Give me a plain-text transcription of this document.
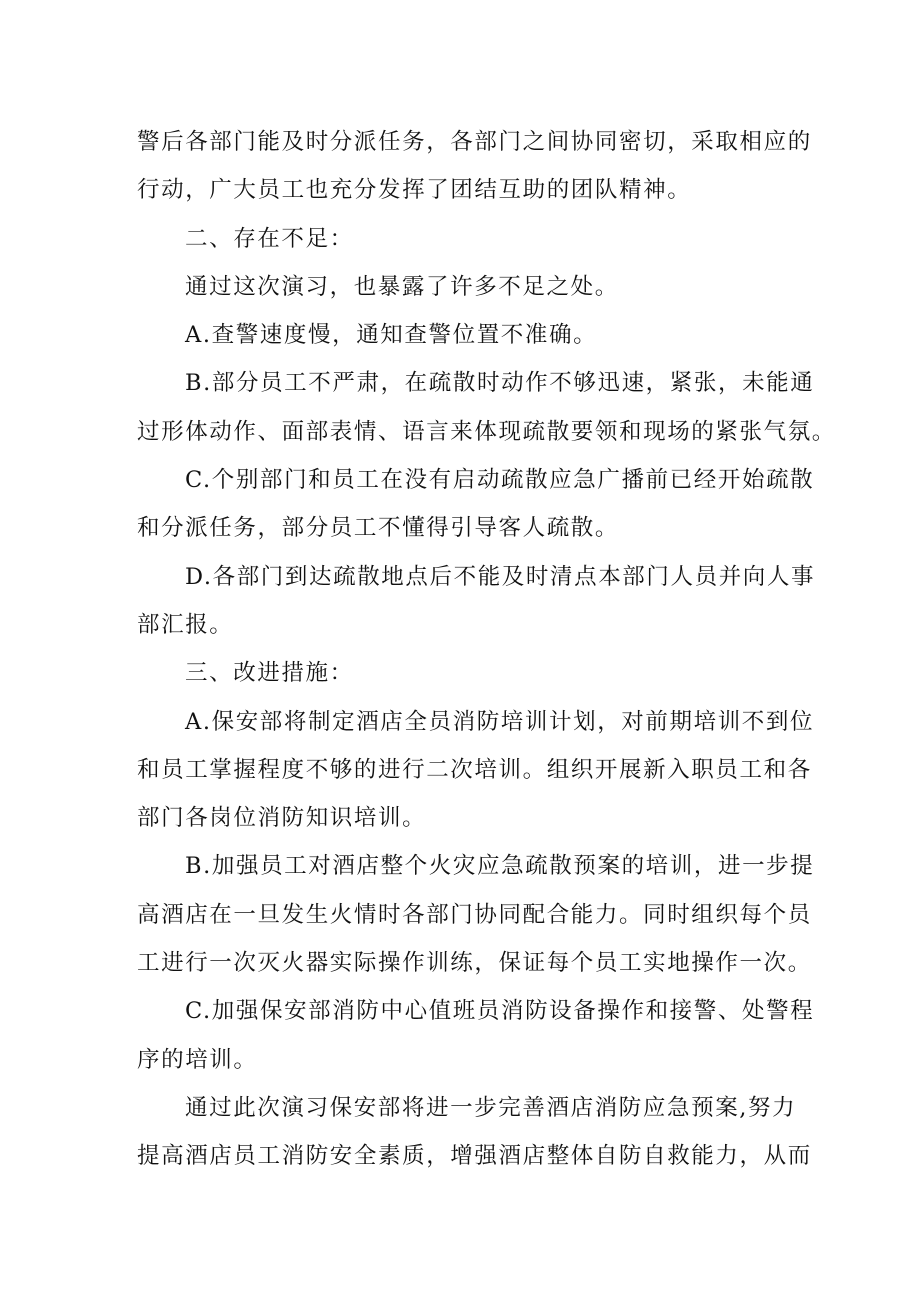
警后各部门能及时分派任务，各部门之间协同密切，采取相应的
行动，广大员工也充分发挥了团结互助的团队精神。
二、存在不足：
通过这次演习，也暴露了许多不足之处。
A.查警速度慢，通知查警位置不准确。
B.部分员工不严肃，在疏散时动作不够迅速，紧张，未能通
过形体动作、面部表情、语言来体现疏散要领和现场的紧张气氛。
C.个别部门和员工在没有启动疏散应急广播前已经开始疏散
和分派任务，部分员工不懂得引导客人疏散。
D.各部门到达疏散地点后不能及时清点本部门人员并向人事
部汇报。
三、改进措施：
A.保安部将制定酒店全员消防培训计划，对前期培训不到位
和员工掌握程度不够的进行二次培训。组织开展新入职员工和各
部门各岗位消防知识培训。
B.加强员工对酒店整个火灾应急疏散预案的培训，进一步提
高酒店在一旦发生火情时各部门协同配合能力。同时组织每个员
工进行一次灭火器实际操作训练，保证每个员工实地操作一次。
C.加强保安部消防中心值班员消防设备操作和接警、处警程
序的培训。
通过此次演习保安部将进一步完善酒店消防应急预案,努力
提高酒店员工消防安全素质，增强酒店整体自防自救能力，从而
